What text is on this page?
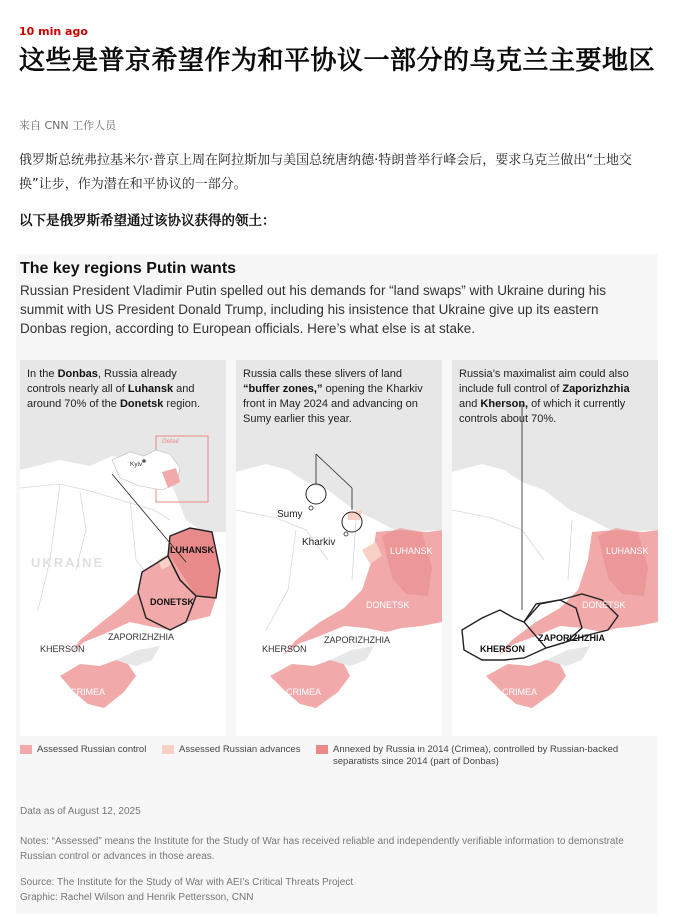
10 min ago
这些是普京希望作为和平协议一部分的乌克兰主要地区
来自 CNN 工作人员
俄罗斯总统弗拉基米尔·普京上周在阿拉斯加与美国总统唐纳德·特朗普举行峰会后，要求乌克兰做出“土地交换”让步，作为潜在和平协议的一部分。
以下是俄罗斯希望通过该协议获得的领土：
The key regions Putin wants
Russian President Vladimir Putin spelled out his demands for “land swaps” with Ukraine during his summit with US President Donald Trump, including his insistence that Ukraine give up its eastern Donbas region, according to European officials. Here’s what else is at stake.
In the Donbas, Russia already controls nearly all of Luhansk and around 70% of the Donetsk region.
Detail
Kyiv
UKRAINE
LUHANSK
DONETSK
ZAPORIZHZHIA
KHERSON
CRIMEA
Russia calls these slivers of land “buffer zones,” opening the Kharkiv front in May 2024 and advancing on Sumy earlier this year.
Sumy
Kharkiv
LUHANSK
DONETSK
ZAPORIZHZHIA
KHERSON
CRIMEA
Russia’s maximalist aim could also include full control of Zaporizhzhia and Kherson, of which it currently controls about 70%.
LUHANSK
DONETSK
ZAPORIZHZHIA
KHERSON
CRIMEA
Assessed Russian control	Assessed Russian advances	Annexed by Russia in 2014 (Crimea), controlled by Russian-backed separatists since 2014 (part of Donbas)
Data as of August 12, 2025
Notes: “Assessed” means the Institute for the Study of War has received reliable and independently verifiable information to demonstrate Russian control or advances in those areas.
Source: The Institute for the Study of War with AEI’s Critical Threats Project
Graphic: Rachel Wilson and Henrik Pettersson, CNN
